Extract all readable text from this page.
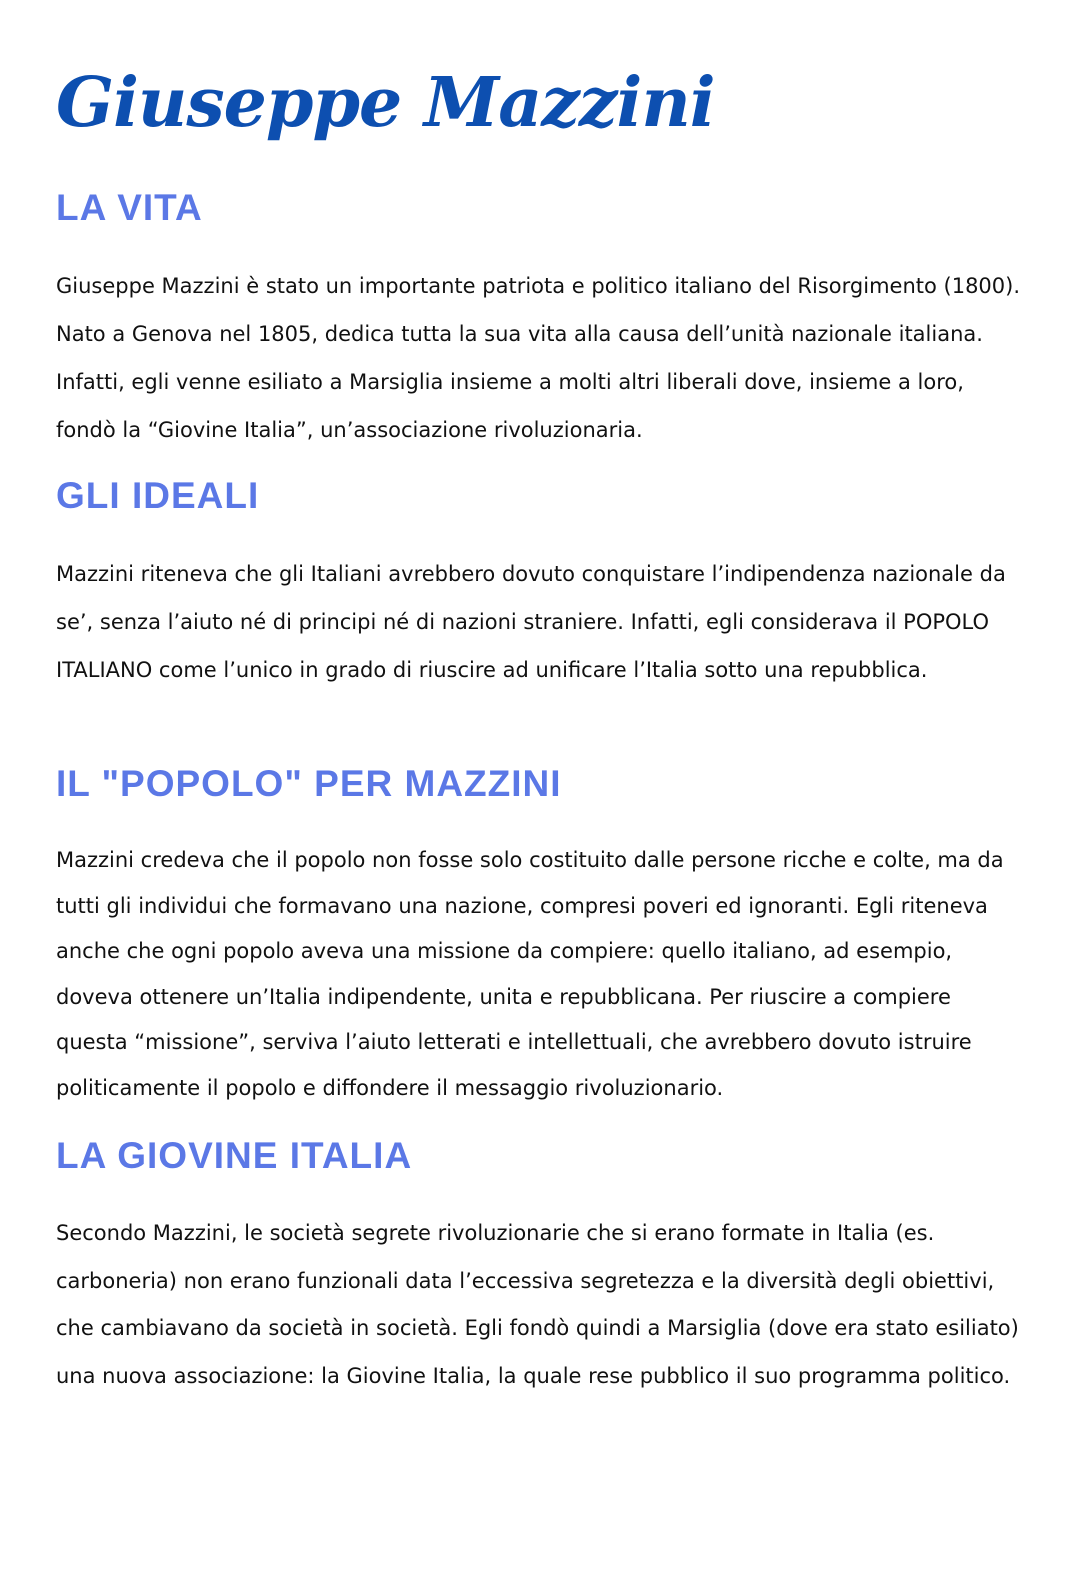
Giuseppe Mazzini
LA VITA

Giuseppe Mazzini è stato un importante patriota e politico italiano del Risorgimento (1800). Nato a Genova nel 1805, dedica tutta la sua vita alla causa dell’unità nazionale italiana. Infatti, egli venne esiliato a Marsiglia insieme a molti altri liberali dove, insieme a loro, fondò la “Giovine Italia”, un’associazione rivoluzionaria.

GLI IDEALI

Mazzini riteneva che gli Italiani avrebbero dovuto conquistare l’indipendenza nazionale da se’, senza l’aiuto né di principi né di nazioni straniere. Infatti, egli considerava il POPOLO ITALIANO come l’unico in grado di riuscire ad unificare l’Italia sotto una repubblica.

IL "POPOLO" PER MAZZINI

Mazzini credeva che il popolo non fosse solo costituito dalle persone ricche e colte, ma da tutti gli individui che formavano una nazione, compresi poveri ed ignoranti. Egli riteneva anche che ogni popolo aveva una missione da compiere: quello italiano, ad esempio, doveva ottenere un’Italia indipendente, unita e repubblicana. Per riuscire a compiere questa “missione”, serviva l’aiuto letterati e intellettuali, che avrebbero dovuto istruire politicamente il popolo e diffondere il messaggio rivoluzionario.

LA GIOVINE ITALIA

Secondo Mazzini, le società segrete rivoluzionarie che si erano formate in Italia (es. carboneria) non erano funzionali data l’eccessiva segretezza e la diversità degli obiettivi, che cambiavano da società in società. Egli fondò quindi a Marsiglia (dove era stato esiliato) una nuova associazione: la Giovine Italia, la quale rese pubblico il suo programma politico.
